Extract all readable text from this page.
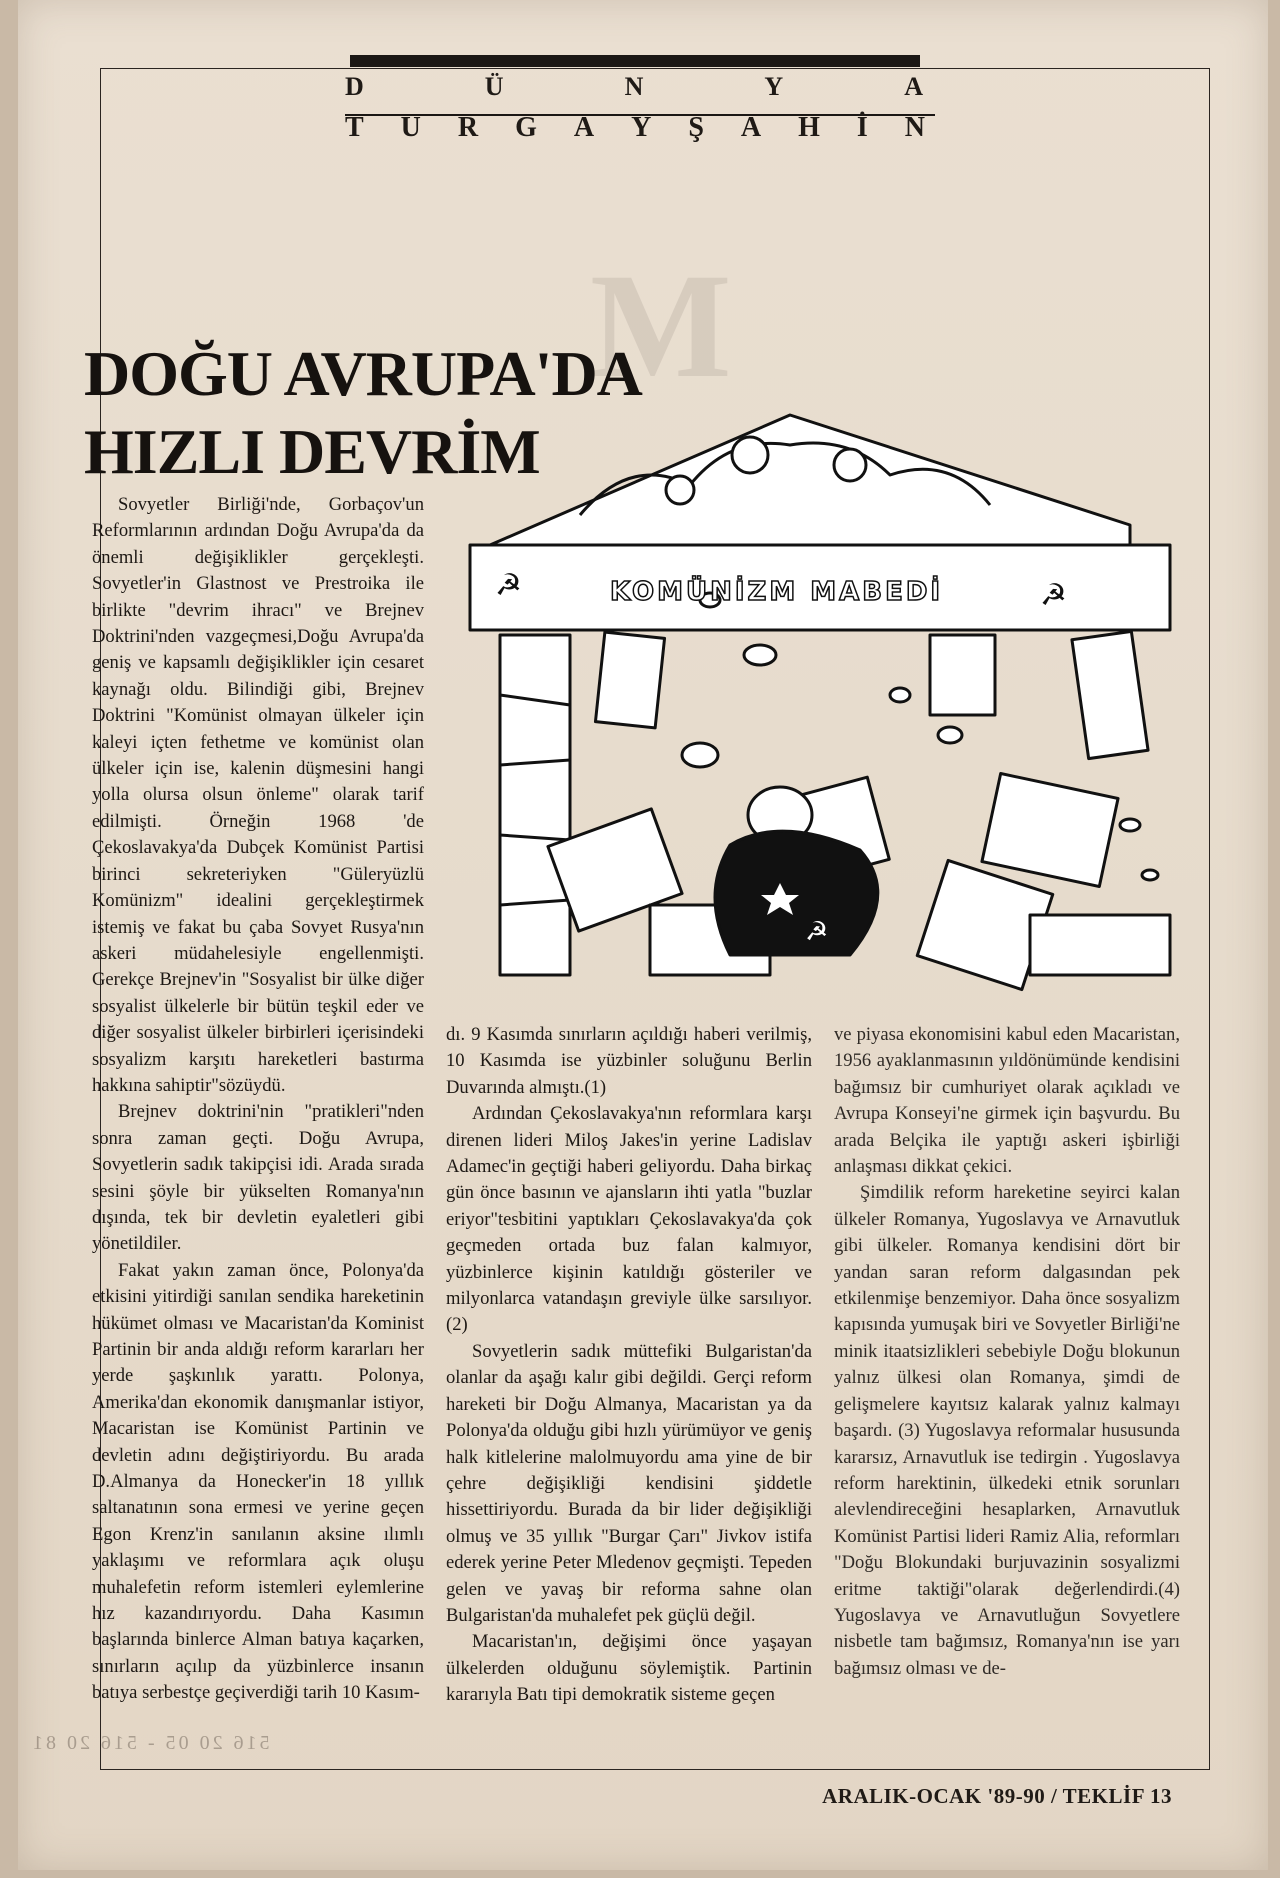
D	Ü	N	Y	A
T U R G A Y Ş A H İ N
M
DOĞU AVRUPA'DA
HIZLI DEVRİM
KOMÜNİZM MABEDİ
☭	☭
☭

Sovyetler Birliği'nde, Gorbaçov'un Reformlarının ardından Doğu Avrupa'da da önemli değişiklikler gerçekleşti. Sovyetler'in Glastnost ve Prestroika ile birlikte "devrim ihracı" ve Brejnev Doktrini'nden vazgeçmesi,Doğu Avrupa'da geniş ve kapsamlı değişiklikler için cesaret kaynağı oldu. Bilindiği gibi, Brejnev Doktrini "Komünist olmayan ülkeler için kaleyi içten fethetme ve komünist olan ülkeler için ise, kalenin düşmesini hangi yolla olursa olsun önleme" olarak tarif edilmişti. Örneğin 1968 'de Çekoslavakya'da Dubçek Komünist Partisi birinci sekreteriyken "Güleryüzlü Komünizm" idealini gerçekleştirmek istemiş ve fakat bu çaba Sovyet Rusya'nın askeri müdahelesiyle engellenmişti. Gerekçe Brejnev'in "Sosyalist bir ülke diğer sosyalist ülkelerle bir bütün teşkil eder ve diğer sosyalist ülkeler birbirleri içerisindeki sosyalizm karşıtı hareketleri bastırma hakkına sahiptir"sözüydü.

Brejnev doktrini'nin "pratikleri"nden sonra zaman geçti. Doğu Avrupa, Sovyetlerin sadık takipçisi idi. Arada sırada sesini şöyle bir yükselten Romanya'nın dışında, tek bir devletin eyaletleri gibi yönetildiler.

Fakat yakın zaman önce, Polonya'da etkisini yitirdiği sanılan sendika hareketinin hükümet olması ve Macaristan'da Kominist Partinin bir anda aldığı reform kararları her yerde şaşkınlık yarattı. Polonya, Amerika'dan ekonomik danışmanlar istiyor, Macaristan ise Komünist Partinin ve devletin adını değiştiriyordu. Bu arada D.Almanya da Honecker'in 18 yıllık saltanatının sona ermesi ve yerine geçen Egon Krenz'in sanılanın aksine ılımlı yaklaşımı ve reformlara açık oluşu muhalefetin reform istemleri eylemlerine hız kazandırıyordu. Daha Kasımın başlarında binlerce Alman batıya kaçarken, sınırların açılıp da yüzbinlerce insanın batıya serbestçe geçiverdiği tarih 10 Kasım-

dı. 9 Kasımda sınırların açıldığı haberi verilmiş, 10 Kasımda ise yüzbinler soluğunu Berlin Duvarında almıştı.(1)

Ardından Çekoslavakya'nın reformlara karşı direnen lideri Miloş Jakes'in yerine Ladislav Adamec'in geçtiği haberi geliyordu. Daha birkaç gün önce basının ve ajansların ihti yatla "buzlar eriyor"tesbitini yaptıkları Çekoslavakya'da çok geçmeden ortada buz falan kalmıyor, yüzbinlerce kişinin katıldığı gösteriler ve milyonlarca vatandaşın greviyle ülke sarsılıyor.(2)

Sovyetlerin sadık müttefiki Bulgaristan'da olanlar da aşağı kalır gibi değildi. Gerçi reform hareketi bir Doğu Almanya, Macaristan ya da Polonya'da olduğu gibi hızlı yürümüyor ve geniş halk kitlelerine malolmuyordu ama yine de bir çehre değişikliği kendisini şiddetle hissettiriyordu. Burada da bir lider değişikliği olmuş ve 35 yıllık "Burgar Çarı" Jivkov istifa ederek yerine Peter Mledenov geçmişti. Tepeden gelen ve yavaş bir reforma sahne olan Bulgaristan'da muhalefet pek güçlü değil.

Macaristan'ın, değişimi önce yaşayan ülkelerden olduğunu söylemiştik. Partinin kararıyla Batı tipi demokratik sisteme geçen

ve piyasa ekonomisini kabul eden Macaristan, 1956 ayaklanmasının yıldönümünde kendisini bağımsız bir cumhuriyet olarak açıkladı ve Avrupa Konseyi'ne girmek için başvurdu. Bu arada Belçika ile yaptığı askeri işbirliği anlaşması dikkat çekici.

Şimdilik reform hareketine seyirci kalan ülkeler Romanya, Yugoslavya ve Arnavutluk gibi ülkeler. Romanya kendisini dört bir yandan saran reform dalgasından pek etkilenmişe benzemiyor. Daha önce sosyalizm kapısında yumuşak biri ve Sovyetler Birliği'ne minik itaatsizlikleri sebebiyle Doğu blokunun yalnız ülkesi olan Romanya, şimdi de gelişmelere kayıtsız kalarak yalnız kalmayı başardı. (3) Yugoslavya reformalar hususunda kararsız, Arnavutluk ise tedirgin . Yugoslavya reform harektinin, ülkedeki etnik sorunları alevlendireceğini hesaplarken, Arnavutluk Komünist Partisi lideri Ramiz Alia, reformları "Doğu Blokundaki burjuvazinin sosyalizmi eritme taktiği"olarak değerlendirdi.(4) Yugoslavya ve Arnavutluğun Sovyetlere nisbetle tam bağımsız, Romanya'nın ise yarı bağımsız olması ve de-

516 20 05 - 516 20 81
ARALIK-OCAK '89-90 / TEKLİF 13
